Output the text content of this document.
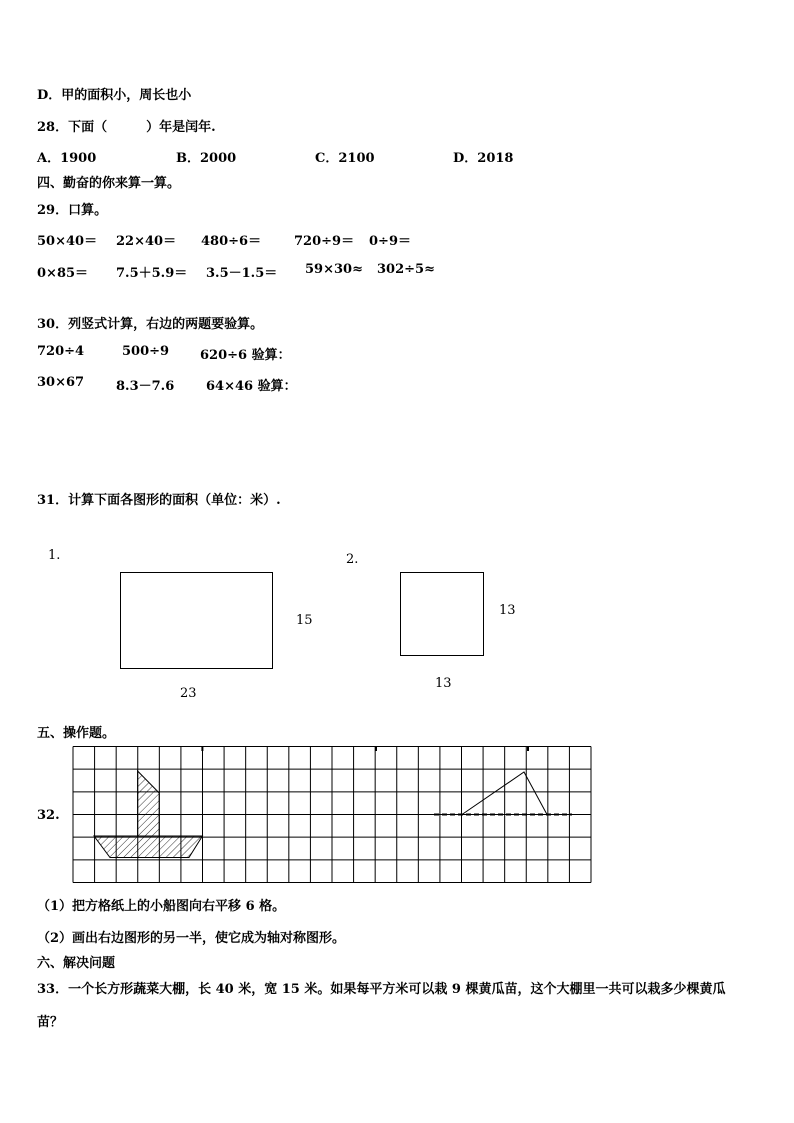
D．甲的面积小，周长也小
28．下面（　　　）年是闰年.
A．1900	B．2000	C．2100	D．2018
四、勤奋的你来算一算。
29．口算。
50×40＝ 22×40＝ 480÷6＝	720÷9＝ 0÷9＝
0×85＝ 7.5＋5.9＝ 3.5－1.5＝ 59×30≈ 302÷5≈
30．列竖式计算，右边的两题要验算。
720÷4	500÷9 620÷6 验算：
30×67 8.3－7.6 64×46 验算：
31．计算下面各图形的面积（单位：米）.
1.
15
23
2.
13
13
五、操作题。
32.
（1）把方格纸上的小船图向右平移 6 格。
（2）画出右边图形的另一半，使它成为轴对称图形。
六、解决问题
33．一个长方形蔬菜大棚，长 40 米，宽 15 米。如果每平方米可以栽 9 棵黄瓜苗，这个大棚里一共可以栽多少棵黄瓜
苗？
